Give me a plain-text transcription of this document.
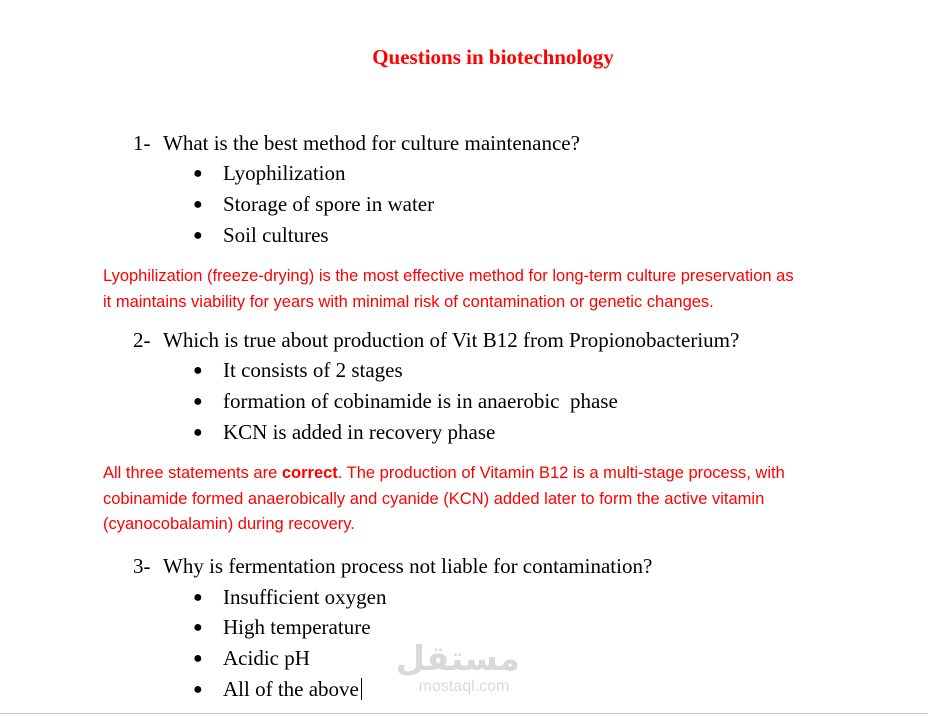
Questions in biotechnology
1- What is the best method for culture maintenance?
● Lyophilization
● Storage of spore in water
● Soil cultures
Lyophilization (freeze-drying) is the most effective method for long-term culture preservation as
it maintains viability for years with minimal risk of contamination or genetic changes.
2- Which is true about production of Vit B12 from Propionobacterium?
● It consists of 2 stages
● formation of cobinamide is in anaerobic  phase
● KCN is added in recovery phase
All three statements are correct. The production of Vitamin B12 is a multi-stage process, with
cobinamide formed anaerobically and cyanide (KCN) added later to form the active vitamin
(cyanocobalamin) during recovery.
3- Why is fermentation process not liable for contamination?
● Insufficient oxygen
● High temperature
● Acidic pH
● All of the above
مستقل
mostaql.com
